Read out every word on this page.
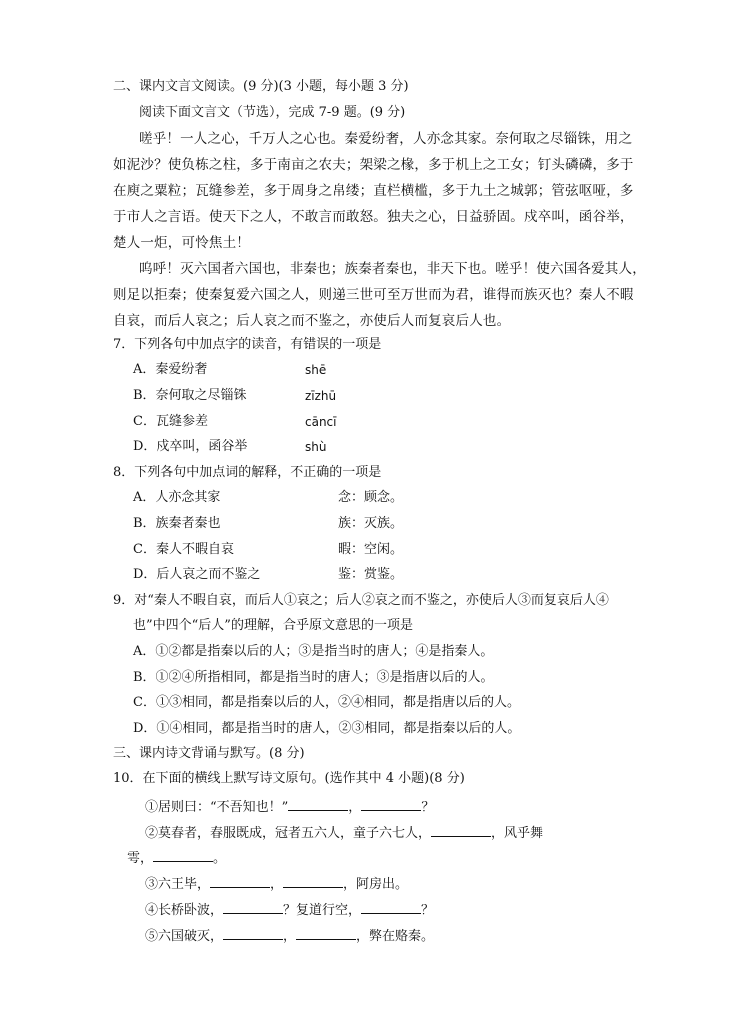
二、课内文言文阅读。(9 分)(3 小题，每小题 3 分)
阅读下面文言文（节选），完成 7-9 题。(9 分)
嗟乎！一人之心，千万人之心也。秦爱纷奢，人亦念其家。奈何取之尽锱铢，用之
如泥沙？使负栋之柱，多于南亩之农夫；架梁之椽，多于机上之工女；钉头磷磷，多于
在庾之粟粒；瓦缝参差，多于周身之帛缕；直栏横槛，多于九土之城郭；管弦呕哑，多
于市人之言语。使天下之人，不敢言而敢怒。独夫之心，日益骄固。戍卒叫，函谷举，
楚人一炬，可怜焦土！
呜呼！灭六国者六国也，非秦也；族秦者秦也，非天下也。嗟乎！使六国各爱其人，
则足以拒秦；使秦复爱六国之人，则递三世可至万世而为君，谁得而族灭也？秦人不暇
自哀，而后人哀之；后人哀之而不鉴之，亦使后人而复哀后人也。
7．下列各句中加点字的读音，有错误的一项是
A．秦爱纷奢	shē
B．奈何取之尽锱铢	zīzhū
C．瓦缝参差	cāncī
D．戍卒叫，函谷举	shù
8．下列各句中加点词的解释，不正确的一项是
A．人亦念其家	念：顾念。
B．族秦者秦也	族：灭族。
C．秦人不暇自哀	暇：空闲。
D．后人哀之而不鉴之	鉴：赏鉴。
9．对“秦人不暇自哀，而后人①哀之；后人②哀之而不鉴之，亦使后人③而复哀后人④
也”中四个“后人”的理解，合乎原文意思的一项是
A．①②都是指秦以后的人；③是指当时的唐人；④是指秦人。
B．①②④所指相同，都是指当时的唐人；③是指唐以后的人。
C．①③相同，都是指秦以后的人，②④相同，都是指唐以后的人。
D．①④相同，都是指当时的唐人，②③相同，都是指秦以后的人。
三、课内诗文背诵与默写。(8 分)
10．在下面的横线上默写诗文原句。(选作其中 4 小题)(8 分)
①居则曰：“不吾知也！”	，	？
②莫春者，春服既成，冠者五六人，童子六七人，	，风乎舞
雩，	。
③六王毕，	，	，阿房出。
④长桥卧波，	？复道行空，	？
⑤六国破灭，	，	，弊在赂秦。
